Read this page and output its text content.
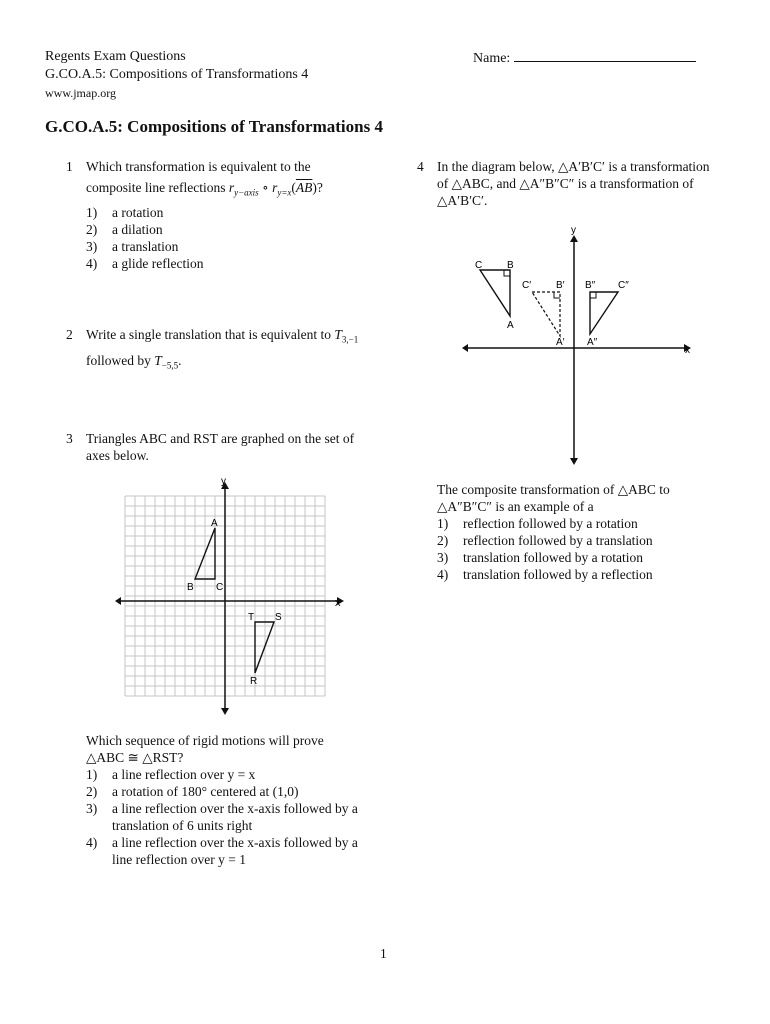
Regents Exam Questions
G.CO.A.5: Compositions of Transformations 4
www.jmap.org
Name:
G.CO.A.5: Compositions of Transformations 4
1 Which transformation is equivalent to the
composite line reflections $r_{y-axis}$ ∘ $r_{y=x}(\overline{AB})$?
1)	a rotation
2)	a dilation
3)	a translation
4)	a glide reflection
2 Write a single translation that is equivalent to $T_{3,-1}$
followed by $T_{-5,5}$.
3 Triangles ABC and RST are graphed on the set of
axes below.
y
x
A
B C
T S
R
Which sequence of rigid motions will prove
△ABC ≅ △RST?
1)	a line reflection over y = x
2)	a rotation of 180° centered at (1,0)
3)	a line reflection over the x-axis followed by a translation of 6 units right
4)	a line reflection over the x-axis followed by a line reflection over y = 1
4 In the diagram below, △A′B′C′ is a transformation
of △ABC, and △A″B″C″ is a transformation of
△A′B′C′.
y
x
C B
A
C′ B′
A′
B″ C″
A″
The composite transformation of △ABC to
△A″B″C″ is an example of a
1)	reflection followed by a rotation
2)	reflection followed by a translation
3)	translation followed by a rotation
4)	translation followed by a reflection
1
